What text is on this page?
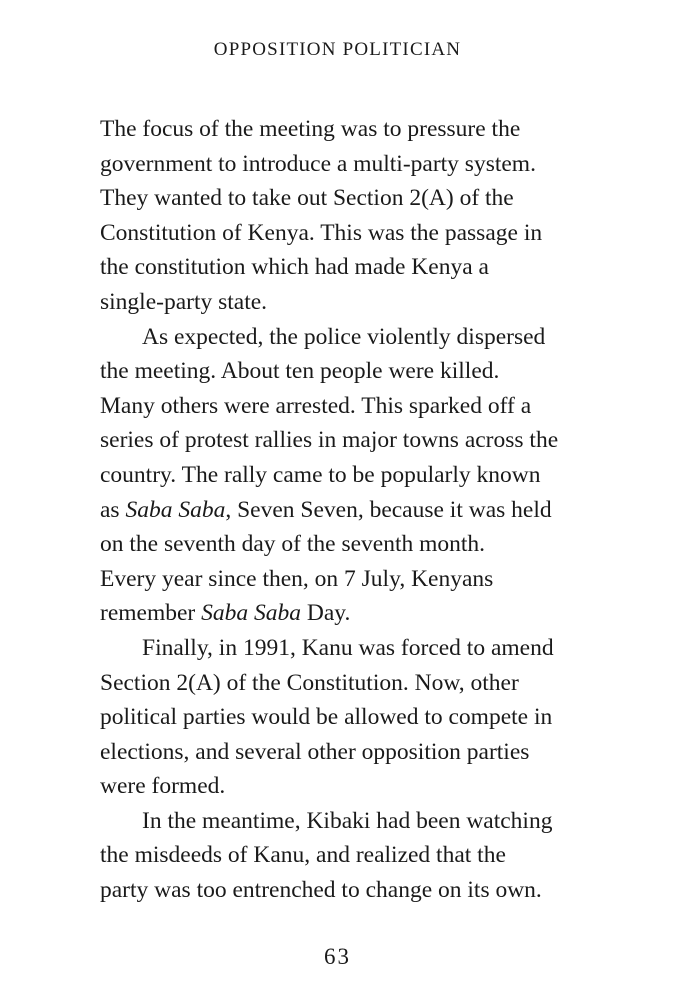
OPPOSITION POLITICIAN
The focus of the meeting was to pressure the
government to introduce a multi-party system.
They wanted to take out Section 2(A) of the
Constitution of Kenya. This was the passage in
the constitution which had made Kenya a
single-party state.
As expected, the police violently dispersed
the meeting. About ten people were killed.
Many others were arrested. This sparked off a
series of protest rallies in major towns across the
country. The rally came to be popularly known
as Saba Saba, Seven Seven, because it was held
on the seventh day of the seventh month.
Every year since then, on 7 July, Kenyans
remember Saba Saba Day.
Finally, in 1991, Kanu was forced to amend
Section 2(A) of the Constitution. Now, other
political parties would be allowed to compete in
elections, and several other opposition parties
were formed.
In the meantime, Kibaki had been watching
the misdeeds of Kanu, and realized that the
party was too entrenched to change on its own.
63
